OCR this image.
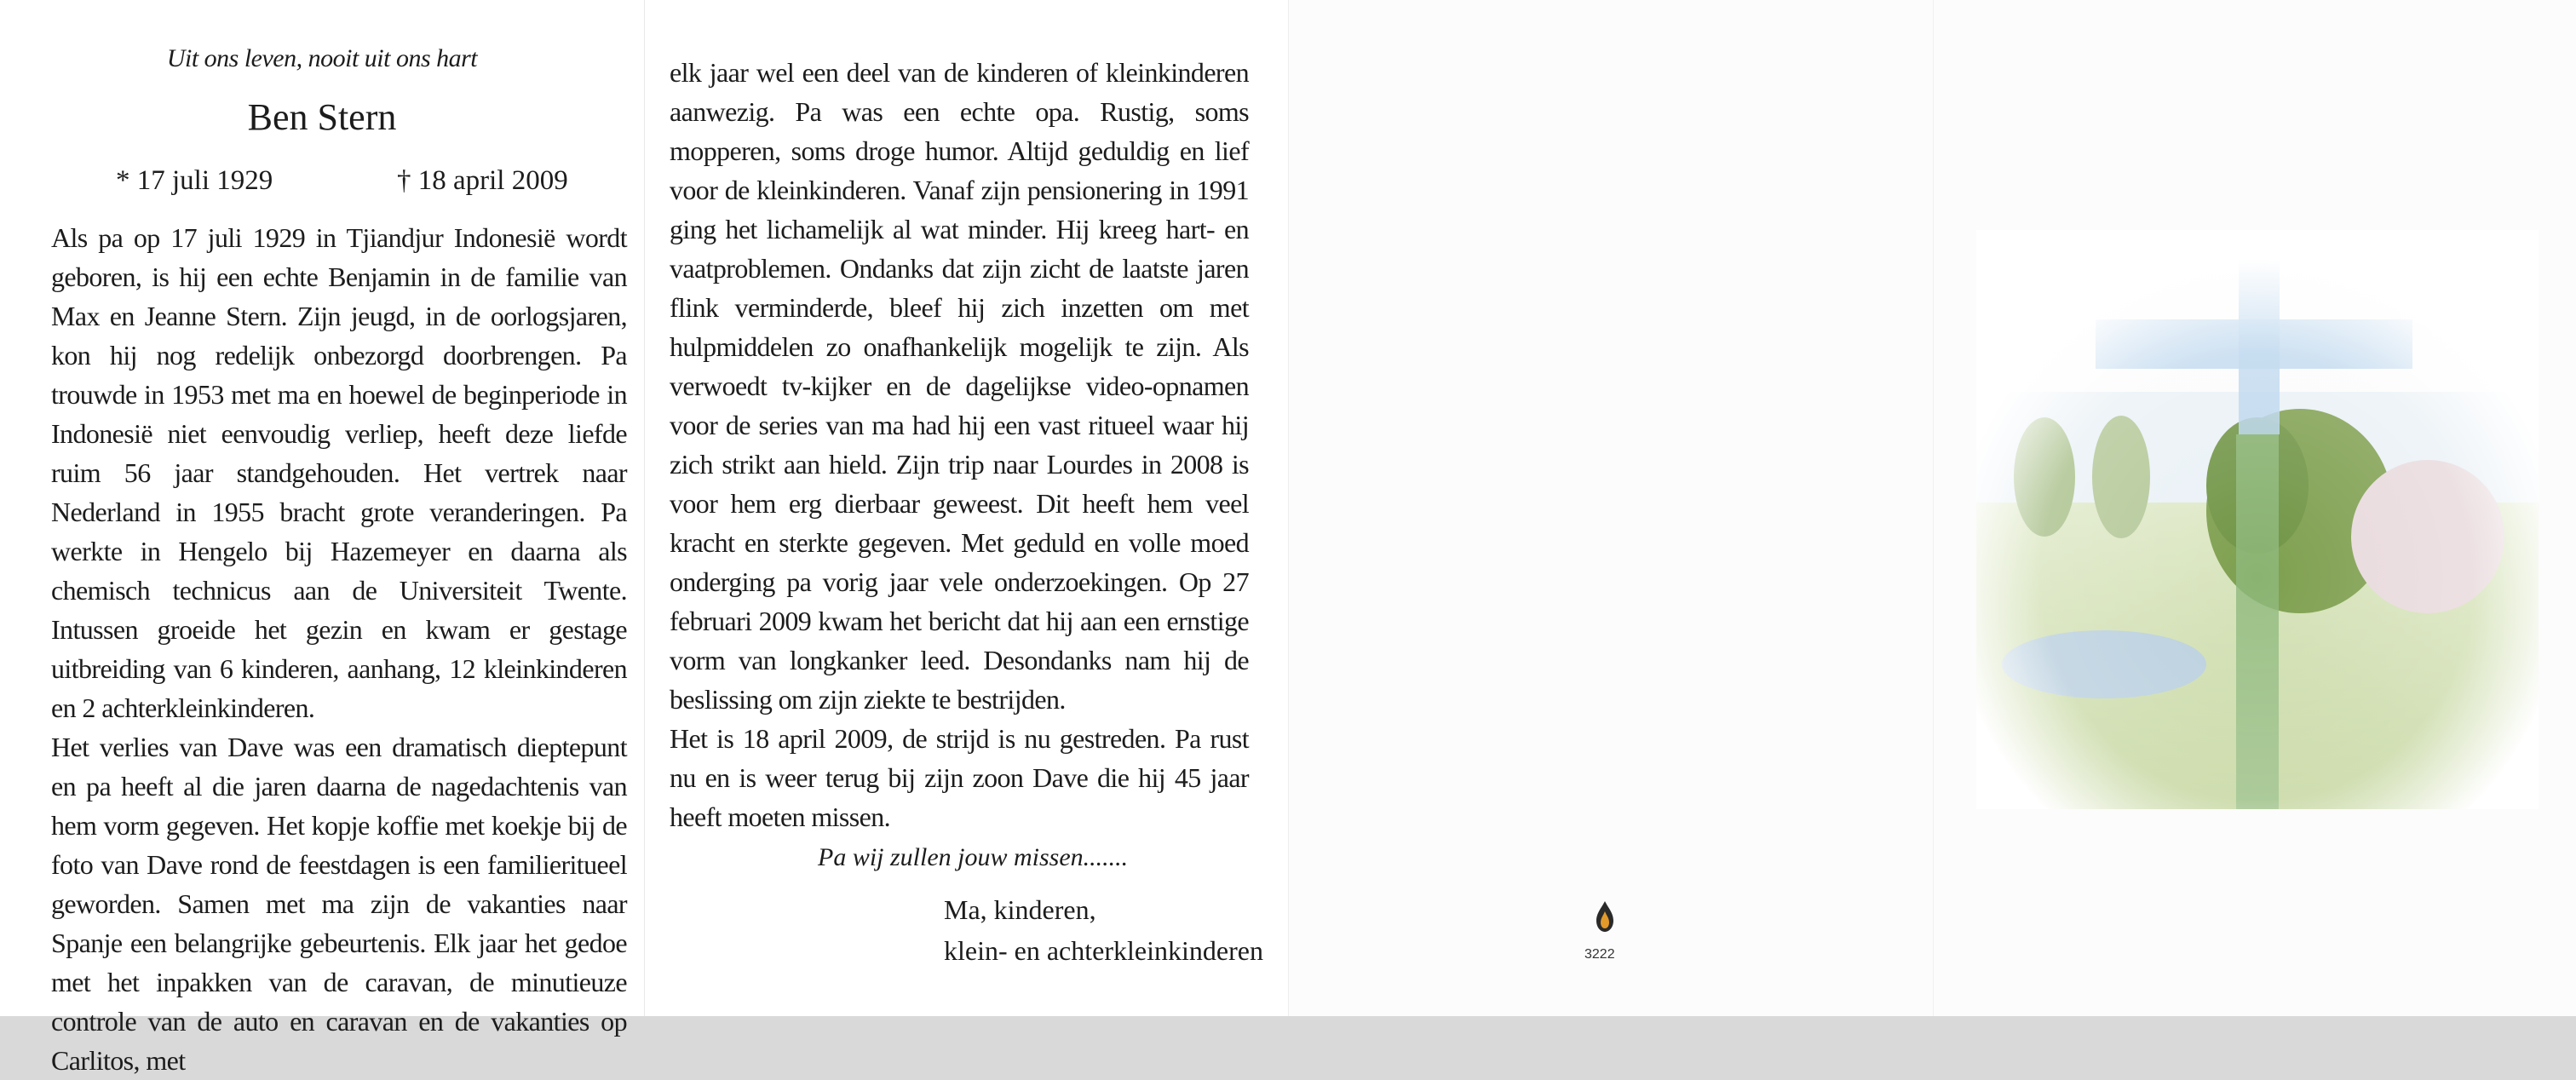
Uit ons leven, nooit uit ons hart
Ben Stern
* 17 juli 1929	† 18 april 2009

Als pa op 17 juli 1929 in Tjiandjur Indonesië wordt geboren, is hij een echte Benjamin in de familie van Max en Jeanne Stern. Zijn jeugd, in de oorlogsjaren, kon hij nog redelijk onbezorgd doorbrengen. Pa trouwde in 1953 met ma en hoewel de beginperiode in Indonesië niet eenvoudig verliep, heeft deze liefde ruim 56 jaar standgehouden. Het vertrek naar Nederland in 1955 bracht grote veranderingen. Pa werkte in Hengelo bij Hazemeyer en daarna als chemisch technicus aan de Universiteit Twente. Intussen groeide het gezin en kwam er gestage uitbreiding van 6 kinderen, aanhang, 12 kleinkinderen en 2 achterkleinkinderen.

Het verlies van Dave was een dramatisch dieptepunt en pa heeft al die jaren daarna de nagedachtenis van hem vorm gegeven. Het kopje koffie met koekje bij de foto van Dave rond de feestdagen is een familieritueel geworden. Samen met ma zijn de vakanties naar Spanje een belangrijke gebeurtenis. Elk jaar het gedoe met het inpakken van de caravan, de minutieuze controle van de auto en caravan en de vakanties op Carlitos, met

elk jaar wel een deel van de kinderen of kleinkinderen aanwezig. Pa was een echte opa. Rustig, soms mopperen, soms droge humor. Altijd geduldig en lief voor de kleinkinderen. Vanaf zijn pensionering in 1991 ging het lichamelijk al wat minder. Hij kreeg hart- en vaatproblemen. Ondanks dat zijn zicht de laatste jaren flink verminderde, bleef hij zich inzetten om met hulpmiddelen zo onafhankelijk mogelijk te zijn. Als verwoedt tv-kijker en de dagelijkse video-opnamen voor de series van ma had hij een vast ritueel waar hij zich strikt aan hield. Zijn trip naar Lourdes in 2008 is voor hem erg dierbaar geweest. Dit heeft hem veel kracht en sterkte gegeven. Met geduld en volle moed onderging pa vorig jaar vele onderzoekingen. Op 27 februari 2009 kwam het bericht dat hij aan een ernstige vorm van longkanker leed. Desondanks nam hij de beslissing om zijn ziekte te bestrijden.

Het is 18 april 2009, de strijd is nu gestreden. Pa rust nu en is weer terug bij zijn zoon Dave die hij 45 jaar heeft moeten missen.

Pa wij zullen jouw missen.......
Ma, kinderen,
klein- en achterkleinkinderen	3222
